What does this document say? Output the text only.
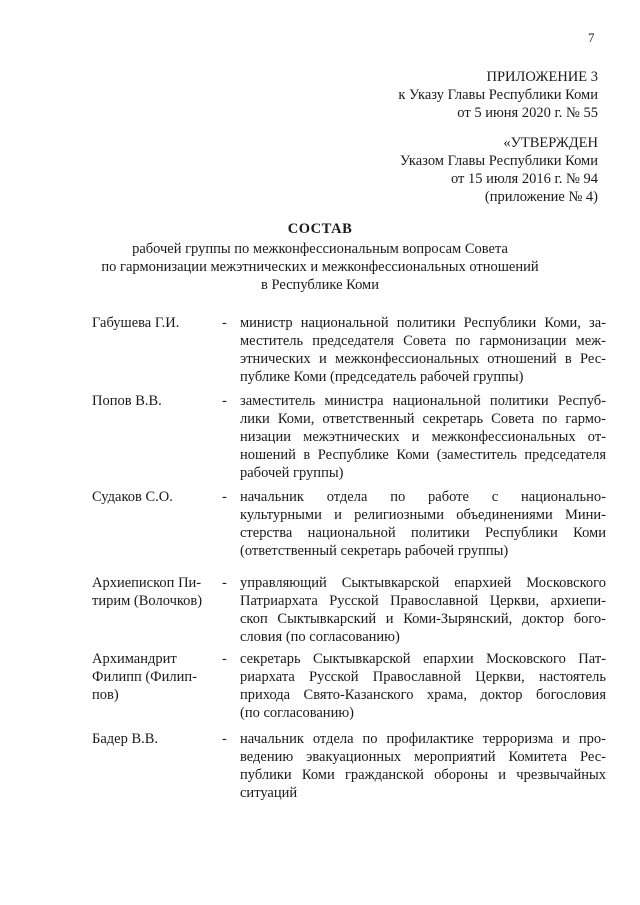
7
ПРИЛОЖЕНИЕ 3
к Указу Главы Республики Коми
от 5 июня 2020 г. № 55
«УТВЕРЖДЕН
Указом Главы Республики Коми
от 15 июля 2016 г. № 94
(приложение № 4)
СОСТАВ
рабочей группы по межконфессиональным вопросам Совета
по гармонизации межэтнических и межконфессиональных отношений
в Республике Коми
Габушева Г.И.	- министр национальной политики Республики Коми, за-
меститель председателя Совета по гармонизации меж-
этнических и межконфессиональных отношений в Рес-
публике Коми (председатель рабочей группы)
Попов В.В.	- заместитель министра национальной политики Респуб-
лики Коми, ответственный секретарь Совета по гармо-
низации межэтнических и межконфессиональных от-
ношений в Республике Коми (заместитель председателя
рабочей группы)
Судаков С.О.	- начальник отдела по работе с национально-
культурными и религиозными объединениями Мини-
стерства национальной политики Республики Коми
(ответственный секретарь рабочей группы)
Архиепископ Пи-
тирим (Волочков)
- управляющий Сыктывкарской епархией Московского
Патриархата Русской Православной Церкви, архиепи-
скоп Сыктывкарский и Коми-Зырянский, доктор бого-
словия (по согласованию)
Архимандрит
Филипп (Филип-
пов)
- секретарь Сыктывкарской епархии Московского Пат-
риархата Русской Православной Церкви, настоятель
прихода Свято-Казанского храма, доктор богословия
(по согласованию)
Бадер В.В.	- начальник отдела по профилактике терроризма и про-
ведению эвакуационных мероприятий Комитета Рес-
публики Коми гражданской обороны и чрезвычайных
ситуаций
